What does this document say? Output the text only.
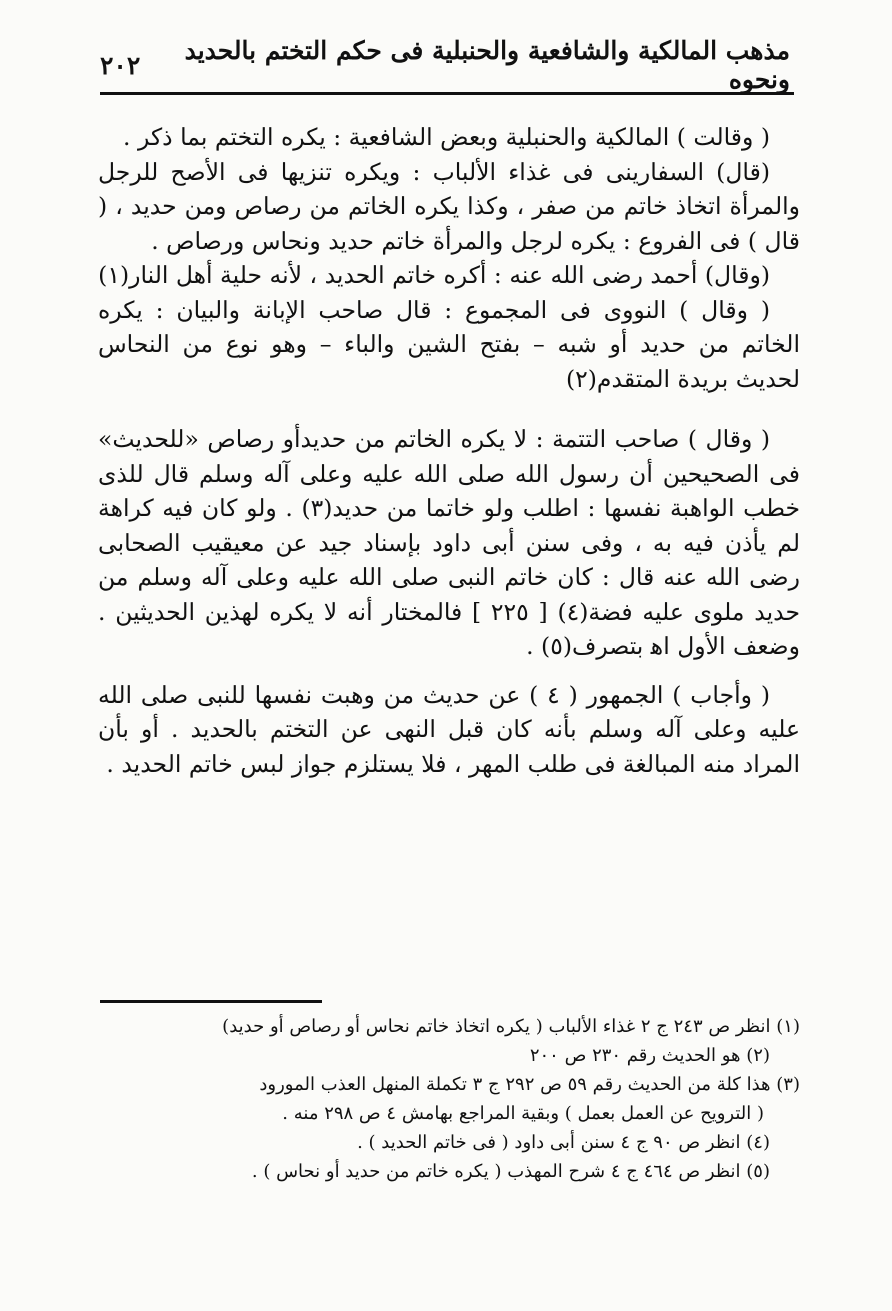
مذهب المالكية والشافعية والحنبلية فى حكم التختم بالحديد ونحوه
٢٠٢

( وقالت ) المالكية والحنبلية وبعض الشافعية : يكره التختم بما ذكر .

(قال) السفارينى فى غذاء الألباب : ويكره تنزيها فى الأصح للرجل والمرأة اتخاذ خاتم من صفر ، وكذا يكره الخاتم من رصاص ومن حديد ، ( قال ) فى الفروع : يكره لرجل والمرأة خاتم حديد ونحاس ورصاص .

(وقال) أحمد رضى الله عنه : أكره خاتم الحديد ، لأنه حلية أهل النار(١)

( وقال ) النووى فى المجموع : قال صاحب الإبانة والبيان : يكره الخاتم من حديد أو شبه – بفتح الشين والباء – وهو نوع من النحاس لحديث بريدة المتقدم(٢)

( وقال ) صاحب التتمة : لا يكره الخاتم من حديدأو رصاص «للحديث» فى الصحيحين أن رسول الله صلى الله عليه وعلى آله وسلم قال للذى خطب الواهبة نفسها : اطلب ولو خاتما من حديد(٣) . ولو كان فيه كراهة لم يأذن فيه به ، وفى سنن أبى داود بإسناد جيد عن معيقيب الصحابى رضى الله عنه قال : كان خاتم النبى صلى الله عليه وعلى آله وسلم من حديد ملوى عليه فضة(٤) [ ٢٢٥ ] فالمختار أنه لا يكره لهذين الحديثين . وضعف الأول اﻫ بتصرف(٥) .

( وأجاب ) الجمهور ( ٤ ) عن حديث من وهبت نفسها للنبى صلى الله عليه وعلى آله وسلم بأنه كان قبل النهى عن التختم بالحديد . أو بأن المراد منه المبالغة فى طلب المهر ، فلا يستلزم جواز لبس خاتم الحديد .

(١) انظر ص ٢٤٣ ج ٢ غذاء الألباب ( يكره اتخاذ خاتم نحاس أو رصاص أو حديد)

(٢) هو الحديث رقم ٢٣٠ ص ٢٠٠

(٣) هذا كلة من الحديث رقم ٥٩ ص ٢٩٢ ج ٣ تكملة المنهل العذب المورود

( الترويح عن العمل بعمل ) وبقية المراجع بهامش ٤ ص ٢٩٨ منه .

(٤) انظر ص ٩٠ ج ٤ سنن أبى داود ( فى خاتم الحديد ) .

(٥) انظر ص ٤٦٤ ج ٤ شرح المهذب ( يكره خاتم من حديد أو نحاس ) .
